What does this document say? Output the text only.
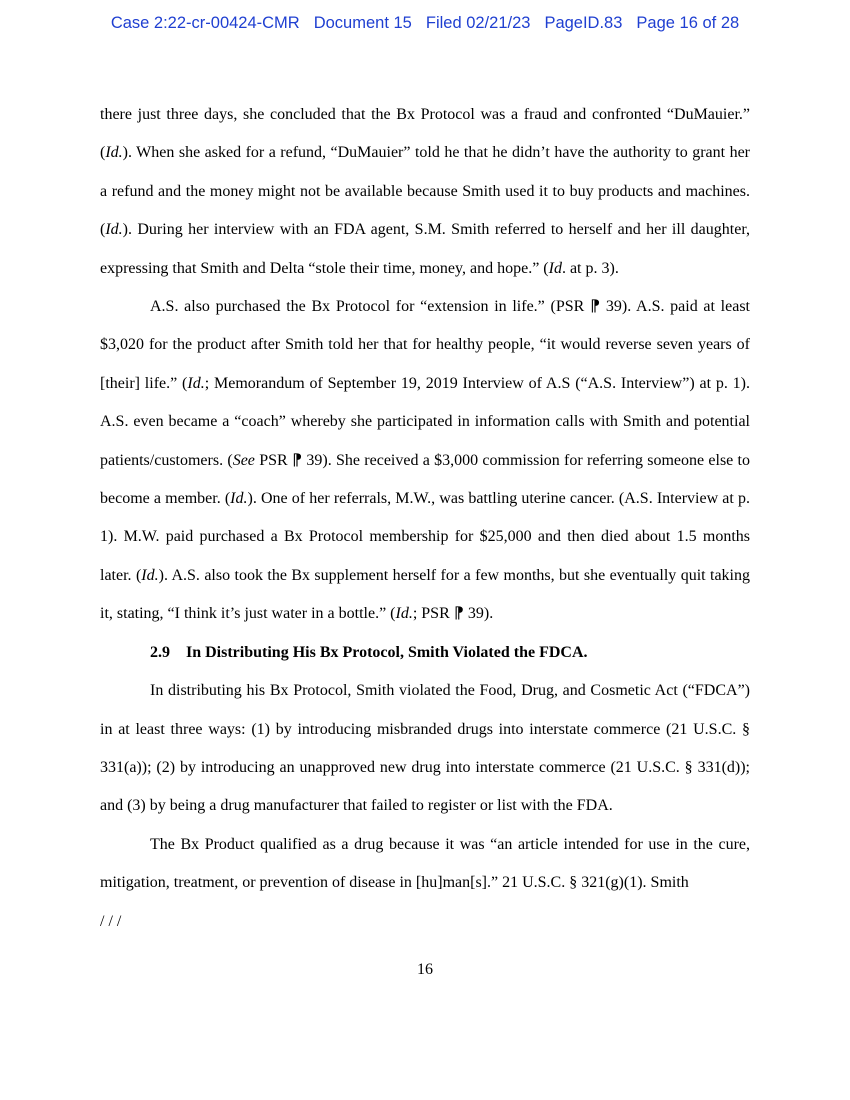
Case 2:22-cr-00424-CMR Document 15 Filed 02/21/23 PageID.83 Page 16 of 28

there just three days, she concluded that the Bx Protocol was a fraud and confronted “DuMauier.” (Id.). When she asked for a refund, “DuMauier” told he that he didn’t have the authority to grant her a refund and the money might not be available because Smith used it to buy products and machines. (Id.). During her interview with an FDA agent, S.M. Smith referred to herself and her ill daughter, expressing that Smith and Delta “stole their time, money, and hope.” (Id. at p. 3).

A.S. also purchased the Bx Protocol for “extension in life.” (PSR ⁋ 39). A.S. paid at least $3,020 for the product after Smith told her that for healthy people, “it would reverse seven years of [their] life.” (Id.; Memorandum of September 19, 2019 Interview of A.S (“A.S. Interview”) at p. 1). A.S. even became a “coach” whereby she participated in information calls with Smith and potential patients/customers. (See PSR ⁋ 39). She received a $3,000 commission for referring someone else to become a member. (Id.). One of her referrals, M.W., was battling uterine cancer. (A.S. Interview at p. 1). M.W. paid purchased a Bx Protocol membership for $25,000 and then died about 1.5 months later. (Id.). A.S. also took the Bx supplement herself for a few months, but she eventually quit taking it, stating, “I think it’s just water in a bottle.” (Id.; PSR ⁋ 39).

2.9 In Distributing His Bx Protocol, Smith Violated the FDCA.

In distributing his Bx Protocol, Smith violated the Food, Drug, and Cosmetic Act (“FDCA”) in at least three ways: (1) by introducing misbranded drugs into interstate commerce (21 U.S.C. § 331(a)); (2) by introducing an unapproved new drug into interstate commerce (21 U.S.C. § 331(d)); and (3) by being a drug manufacturer that failed to register or list with the FDA.

The Bx Product qualified as a drug because it was “an article intended for use in the cure, mitigation, treatment, or prevention of disease in [hu]man[s].” 21 U.S.C. § 321(g)(1). Smith

/ / /

16
